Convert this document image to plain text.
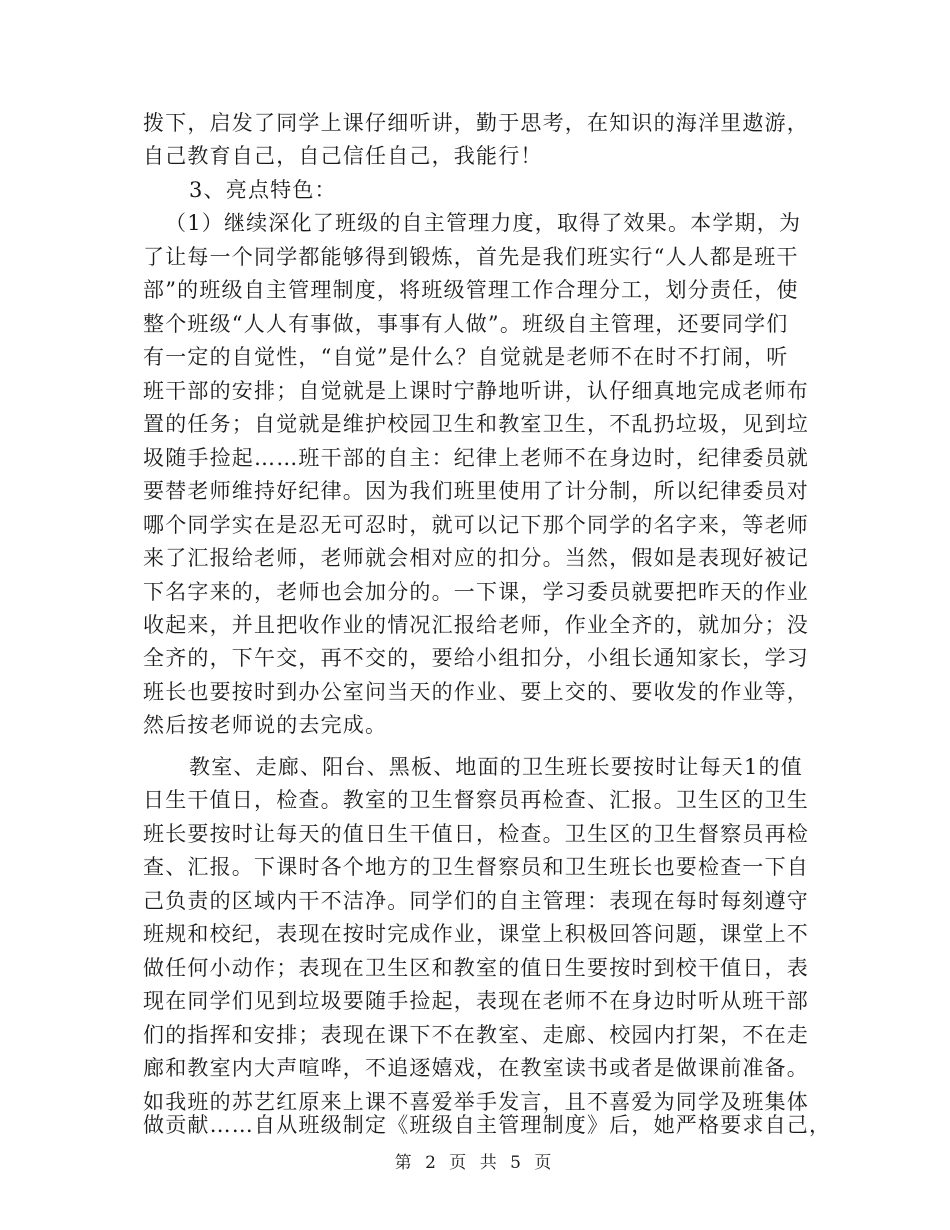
拨下，启发了同学上课仔细听讲，勤于思考，在知识的海洋里遨游，
自己教育自己，自己信任自己，我能行！
3、亮点特色：
（1）继续深化了班级的自主管理力度，取得了效果。本学期，为
了让每一个同学都能够得到锻炼，首先是我们班实行“人人都是班干
部”的班级自主管理制度，将班级管理工作合理分工，划分责任，使
整个班级“人人有事做，事事有人做”。班级自主管理，还要同学们
有一定的自觉性，“自觉”是什么？自觉就是老师不在时不打闹，听
班干部的安排；自觉就是上课时宁静地听讲，认仔细真地完成老师布
置的任务；自觉就是维护校园卫生和教室卫生，不乱扔垃圾，见到垃
圾随手捡起……班干部的自主：纪律上老师不在身边时，纪律委员就
要替老师维持好纪律。因为我们班里使用了计分制，所以纪律委员对
哪个同学实在是忍无可忍时，就可以记下那个同学的名字来，等老师
来了汇报给老师，老师就会相对应的扣分。当然，假如是表现好被记
下名字来的，老师也会加分的。一下课，学习委员就要把昨天的作业
收起来，并且把收作业的情况汇报给老师，作业全齐的，就加分；没
全齐的，下午交，再不交的，要给小组扣分，小组长通知家长，学习
班长也要按时到办公室问当天的作业、要上交的、要收发的作业等，
然后按老师说的去完成。
教室、走廊、阳台、黑板、地面的卫生班长要按时让每天1的值
日生干值日，检查。教室的卫生督察员再检查、汇报。卫生区的卫生
班长要按时让每天的值日生干值日，检查。卫生区的卫生督察员再检
查、汇报。下课时各个地方的卫生督察员和卫生班长也要检查一下自
己负责的区域内干不洁净。同学们的自主管理：表现在每时每刻遵守
班规和校纪，表现在按时完成作业，课堂上积极回答问题，课堂上不
做任何小动作；表现在卫生区和教室的值日生要按时到校干值日，表
现在同学们见到垃圾要随手捡起，表现在老师不在身边时听从班干部
们的指挥和安排；表现在课下不在教室、走廊、校园内打架，不在走
廊和教室内大声喧哗，不追逐嬉戏，在教室读书或者是做课前准备。
如我班的苏艺红原来上课不喜爱举手发言，且不喜爱为同学及班集体
第 2 页 共 5 页
做贡献……自从班级制定《班级自主管理制度》后，她严格要求自己，
